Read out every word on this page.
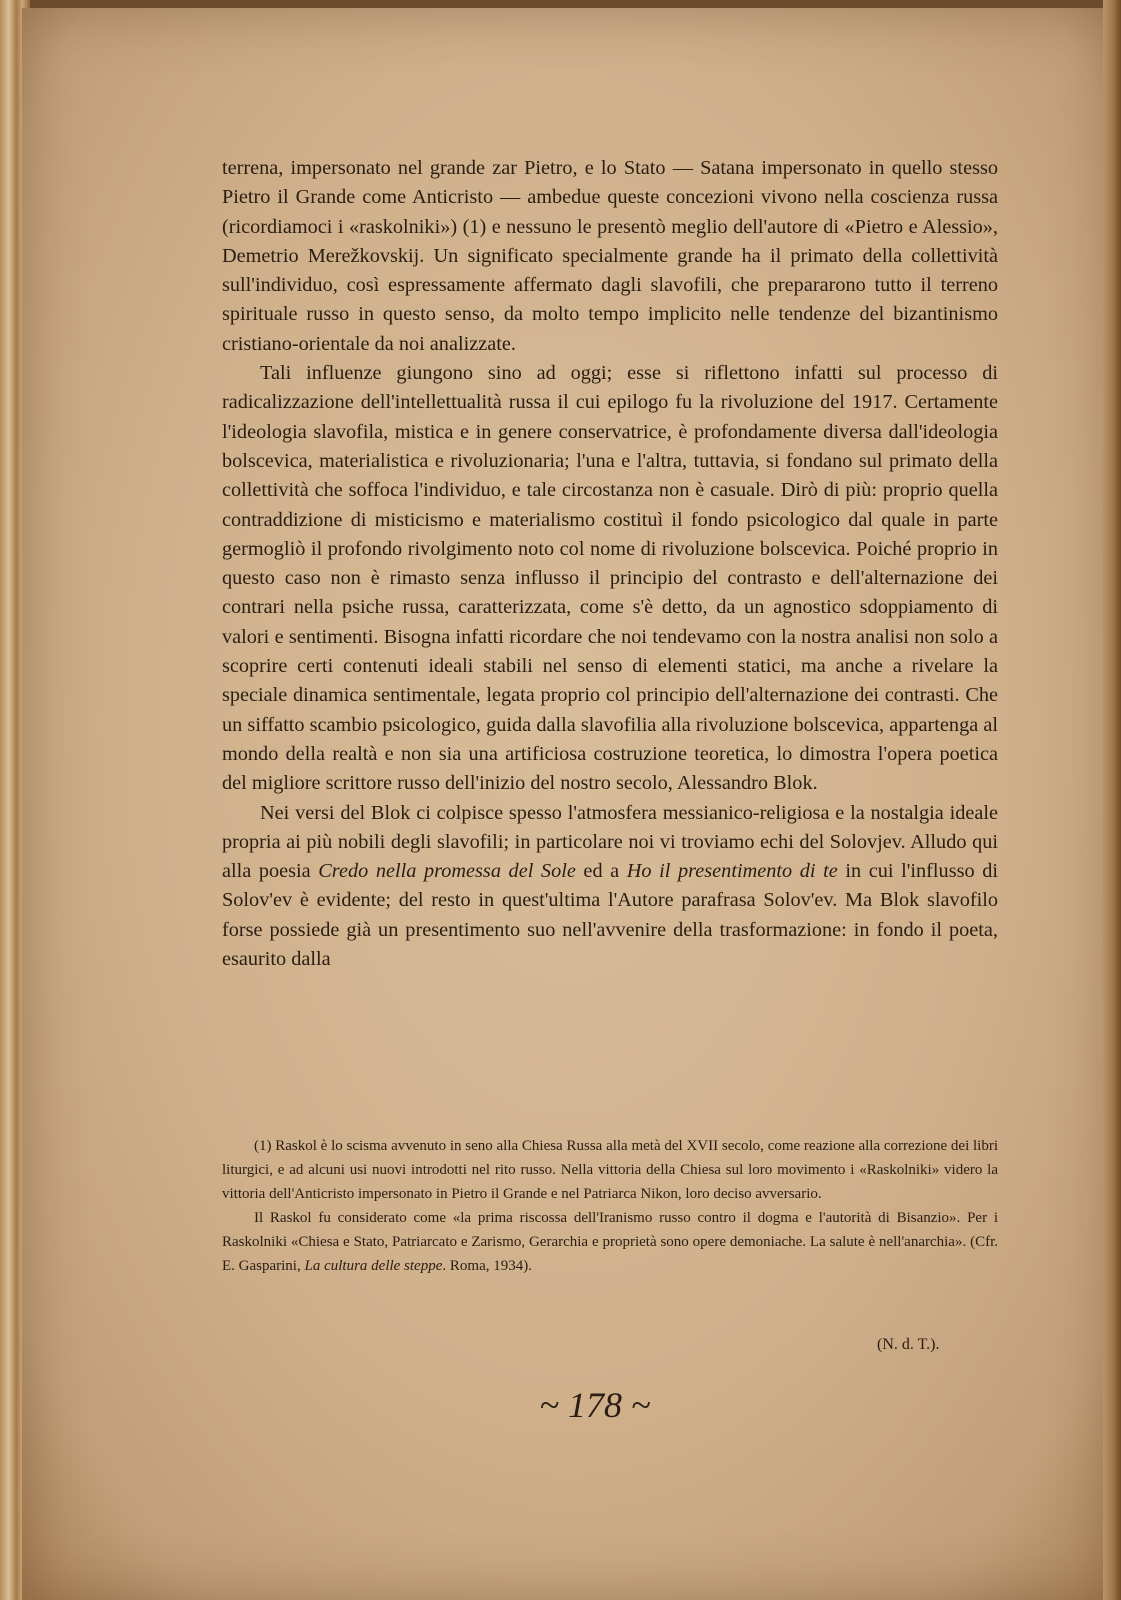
terrena, impersonato nel grande zar Pietro, e lo Stato — Satana impersonato in quello stesso Pietro il Grande come Anticristo — ambedue queste concezioni vivono nella coscienza russa (ricordiamoci i «raskolniki») (1) e nessuno le presentò meglio dell'autore di «Pietro e Alessio», Demetrio Merežkovskij. Un significato specialmente grande ha il primato della collettività sull'individuo, così espressamente affermato dagli slavofili, che prepararono tutto il terreno spirituale russo in questo senso, da molto tempo implicito nelle tendenze del bizantinismo cristiano-orientale da noi analizzate.

Tali influenze giungono sino ad oggi; esse si riflettono infatti sul processo di radicalizzazione dell'intellettualità russa il cui epilogo fu la rivoluzione del 1917. Certamente l'ideologia slavofila, mistica e in genere conservatrice, è profondamente diversa dall'ideologia bolscevica, materialistica e rivoluzionaria; l'una e l'altra, tuttavia, si fondano sul primato della collettività che soffoca l'individuo, e tale circostanza non è casuale. Dirò di più: proprio quella contraddizione di misticismo e materialismo costituì il fondo psicologico dal quale in parte germogliò il profondo rivolgimento noto col nome di rivoluzione bolscevica. Poiché proprio in questo caso non è rimasto senza influsso il principio del contrasto e dell'alternazione dei contrari nella psiche russa, caratterizzata, come s'è detto, da un agnostico sdoppiamento di valori e sentimenti. Bisogna infatti ricordare che noi tendevamo con la nostra analisi non solo a scoprire certi contenuti ideali stabili nel senso di elementi statici, ma anche a rivelare la speciale dinamica sentimentale, legata proprio col principio dell'alternazione dei contrasti. Che un siffatto scambio psicologico, guida dalla slavofilia alla rivoluzione bolscevica, appartenga al mondo della realtà e non sia una artificiosa costruzione teoretica, lo dimostra l'opera poetica del migliore scrittore russo dell'inizio del nostro secolo, Alessandro Blok.

Nei versi del Blok ci colpisce spesso l'atmosfera messianico-religiosa e la nostalgia ideale propria ai più nobili degli slavofili; in particolare noi vi troviamo echi del Solovjev. Alludo qui alla poesia Credo nella promessa del Sole ed a Ho il presentimento di te in cui l'influsso di Solov'ev è evidente; del resto in quest'ultima l'Autore parafrasa Solov'ev. Ma Blok slavofilo forse possiede già un presentimento suo nell'avvenire della trasformazione: in fondo il poeta, esaurito dalla

(1) Raskol è lo scisma avvenuto in seno alla Chiesa Russa alla metà del XVII secolo, come reazione alla correzione dei libri liturgici, e ad alcuni usi nuovi introdotti nel rito russo. Nella vittoria della Chiesa sul loro movimento i «Raskolniki» videro la vittoria dell'Anticristo impersonato in Pietro il Grande e nel Patriarca Nikon, loro deciso avversario.

Il Raskol fu considerato come «la prima riscossa dell'Iranismo russo contro il dogma e l'autorità di Bisanzio». Per i Raskolniki «Chiesa e Stato, Patriarcato e Zarismo, Gerarchia e proprietà sono opere demoniache. La salute è nell'anarchia». (Cfr. E. Gasparini, La cultura delle steppe. Roma, 1934).

(N. d. T.).
~ 178 ~
